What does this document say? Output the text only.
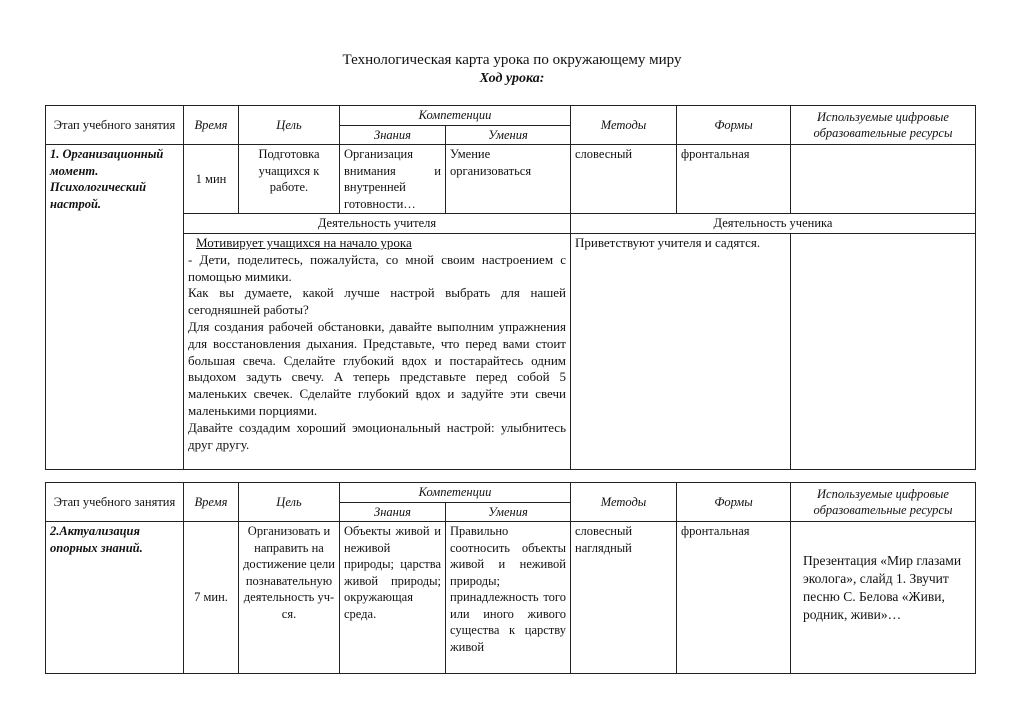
Технологическая карта урока по окружающему миру
Ход урока:
Этап учебного занятия	Время	Цель	Компетенции		Методы	Формы	Используемые цифровые образовательные ресурсы
			Знания	Умения			
1. Организационный момент. Психологический настрой.	1 мин	Подготовка учащихся к работе.	Организация внимания и внутренней готовности…	Умение организоваться	словесный	фронтальная	
	Деятельность учителя				Деятельность ученика		

	Мотивирует учащихся на начало урока
- Дети, поделитесь, пожалуйста, со мной своим настроением с помощью мимики.
Как вы думаете, какой лучше настрой выбрать для нашей сегодняшней работы?
Для создания рабочей обстановки, давайте выполним упражнения для восстановления дыхания. Представьте, что перед вами стоит большая свеча. Сделайте глубокий вдох и постарайтесь одним выдохом задуть свечу. А теперь представьте перед собой 5 маленьких свечек. Сделайте глубокий вдох и задуйте эти свечи маленькими порциями.
Давайте создадим хороший эмоциональный настрой: улыбнитесь друг другу.				Приветствуют учителя и садятся.		
Этап учебного занятия	Время	Цель	Компетенции		Методы	Формы	Используемые цифровые образовательные ресурсы
			Знания	Умения			
2.Актуализация опорных знаний.	7 мин.	Организовать и направить на достижение цели познавательную деятельность уч-ся.	Объекты живой и неживой природы; царства живой природы; окружающая среда.	Правильно соотносить объекты живой и неживой природы; принадлежность того или иного живого существа к царству живой	словесный наглядный	фронтальная	Презентация «Мир глазами эколога», слайд 1. Звучит песню С. Белова «Живи, родник, живи»…
